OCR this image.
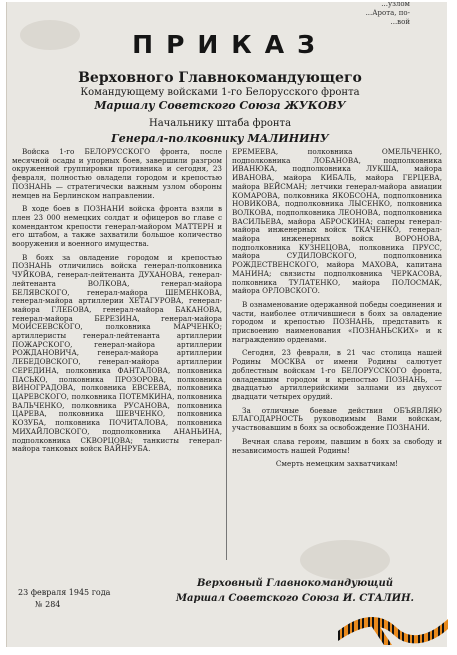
...узлом
...Арота, по-
...вой
ПРИКАЗ
Верховного Главнокомандующего
Командующему войсками 1-го Белорусского фронта
Маршалу Советского Союза ЖУКОВУ
Начальнику штаба фронта
Генерал-полковнику МАЛИНИНУ

Войска 1-го БЕЛОРУССКОГО фронта, после месячной осады и упорных боев, завершили разгром окруженной группировки противника и сегодня, 23 февраля, полностью овладели городом и крепостью ПОЗНАНЬ — стратегически важным узлом обороны немцев на Берлинском направлении.

В ходе боев в ПОЗНАНИ войска фронта взяли в плен 23 000 немецких солдат и офицеров во главе с комендантом крепости генерал-майором МАТТЕРН и его штабом, а также захватили большое количество вооружения и военного имущества.

В боях за овладение городом и крепостью ПОЗНАНЬ отличились войска генерал-полковника ЧУЙКОВА, генерал-лейтенанта ДУХАНОВА, генерал-лейтенанта ВОЛКОВА, генерал-майора БЕЛЯВСКОГО, генерал-майора ШЕМЕНКОВА, генерал-майора артиллерии ХЕТАГУРОВА, генерал-майора ГЛЕБОВА, генерал-майора БАКАНОВА, генерал-майора БЕРЕЗИНА, генерал-майора МОИСЕЕВСКОГО, полковника МАРЧЕНКО; артиллеристы генерал-лейтенанта артиллерии ПОЖАРСКОГО, генерал-майора артиллерии РОЖДАНОВИЧА, генерал-майора артиллерии ЛЕБЕДОВСКОГО, генерал-майора артиллерии СЕРЕДИНА, полковника ФАНТАЛОВА, полковника ПАСЬКО, полковника ПРОЗОРОВА, полковника ВИНОГРАДОВА, полковника ЕВСЕЕВА, полковника ЦАРЕВСКОГО, полковника ПОТЕМКИНА, полковника ВАЛЬЧЕНКО, полковника РУСАНОВА, полковника ЦАРЕВА, полковника ШЕВЧЕНКО, полковника КОЗУБА, полковника ПОЧИТАЛОВА, полковника МИХАЙЛОВСКОГО, подполковника АНАНЬИНА, подполковника СКВОРЦОВА; танкисты генерал-майора танковых войск ВАЙНРУБА.

ЕРЕМЕЕВА, полковника ОМЕЛЬЧЕНКО, подполковника ЛОБАНОВА, подполковника ИВАНЮКА, подполковника ЛУКША, майора ИВАНОВА, майора КИБАЛЬ, майора ГЕРЦЕВА, майора ВЕЙСМАН; летчики генерал-майора авиации КОМАРОВА, полковника ЯКОБСОНА, подполковника НОВИКОВА, подполковника ЛЫСЕНКО, полковника ВОЛКОВА, подполковника ЛЕОНОВА, подполковника ВАСИЛЬЕВА, майора АБРОСКИНА; саперы генерал-майора инженерных войск ТКАЧЕНКО, генерал-майора инженерных войск ВОРОНОВА, подполковника КУЗНЕЦОВА, полковника ПРУСС, майора СУДИЛОВСКОГО, подполковника РОЖДЕСТВЕНСКОГО, майора МАХОВА, капитана МАНИНА; связисты подполковника ЧЕРКАСОВА, полковника ТУЛАТЕНКО, майора ПОЛОСМАК, майора ОРЛОВСКОГО.

В ознаменование одержанной победы соединения и части, наиболее отличившиеся в боях за овладение городом и крепостью ПОЗНАНЬ, представить к присвоению наименования «ПОЗНАНЬСКИХ» и к награждению орденами.

Сегодня, 23 февраля, в 21 час столица нашей Родины МОСКВА от имени Родины салютует доблестным войскам 1-го БЕЛОРУССКОГО фронта, овладевшим городом и крепостью ПОЗНАНЬ, — двадцатью артиллерийскими залпами из двухсот двадцати четырех орудий.

За отличные боевые действия ОБЪЯВЛЯЮ БЛАГОДАРНОСТЬ руководимым Вами войскам, участвовавшим в боях за освобождение ПОЗНАНИ.

Вечная слава героям, павшим в боях за свободу и независимость нашей Родины!

Смерть немецким захватчикам!

23 февраля 1945 года
№ 284
Верховный Главнокомандующий
Маршал Советского Союза И. СТАЛИН.
